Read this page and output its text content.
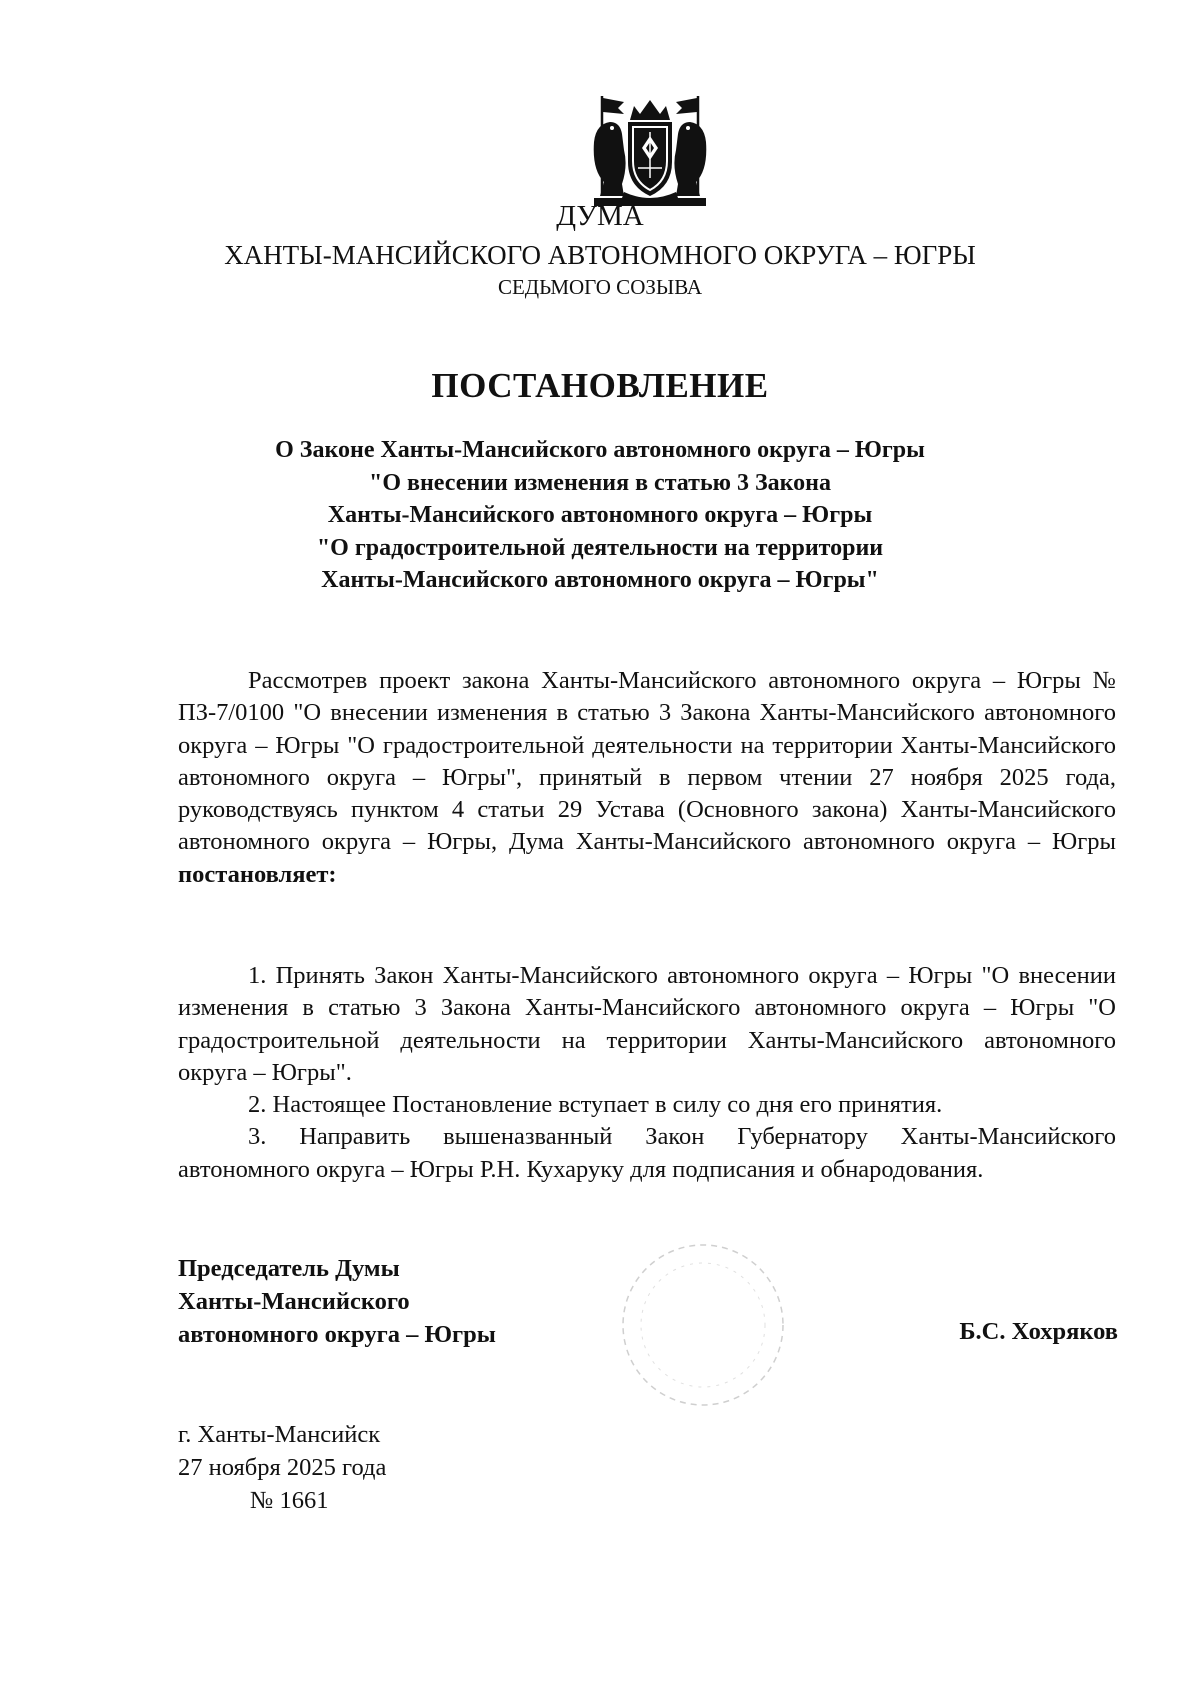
ДУМА
ХАНТЫ-МАНСИЙСКОГО АВТОНОМНОГО ОКРУГА – ЮГРЫ
СЕДЬМОГО СОЗЫВА
ПОСТАНОВЛЕНИЕ
О Законе Ханты-Мансийского автономного округа – Югры
"О внесении изменения в статью 3 Закона
Ханты-Мансийского автономного округа – Югры
"О градостроительной деятельности на территории
Ханты-Мансийского автономного округа – Югры"

Рассмотрев проект закона Ханты-Мансийского автономного округа – Югры № ПЗ-7/0100 "О внесении изменения в статью 3 Закона Ханты-Мансийского автономного округа – Югры "О градостроительной деятельности на территории Ханты-Мансийского автономного округа – Югры", принятый в первом чтении 27 ноября 2025 года, руководствуясь пунктом 4 статьи 29 Устава (Основного закона) Ханты-Мансийского автономного округа – Югры, Дума Ханты-Мансийского автономного округа – Югры постановляет:

1. Принять Закон Ханты-Мансийского автономного округа – Югры "О внесении изменения в статью 3 Закона Ханты-Мансийского автономного округа – Югры "О градостроительной деятельности на территории Ханты-Мансийского автономного округа – Югры".

2. Настоящее Постановление вступает в силу со дня его принятия.

3. Направить вышеназванный Закон Губернатору Ханты-Мансийского автономного округа – Югры Р.Н. Кухаруку для подписания и обнародования.

Председатель Думы
Ханты-Мансийского
автономного округа – Югры	Б.С. Хохряков
г. Ханты-Мансийск
27 ноября 2025 года
№ 1661
